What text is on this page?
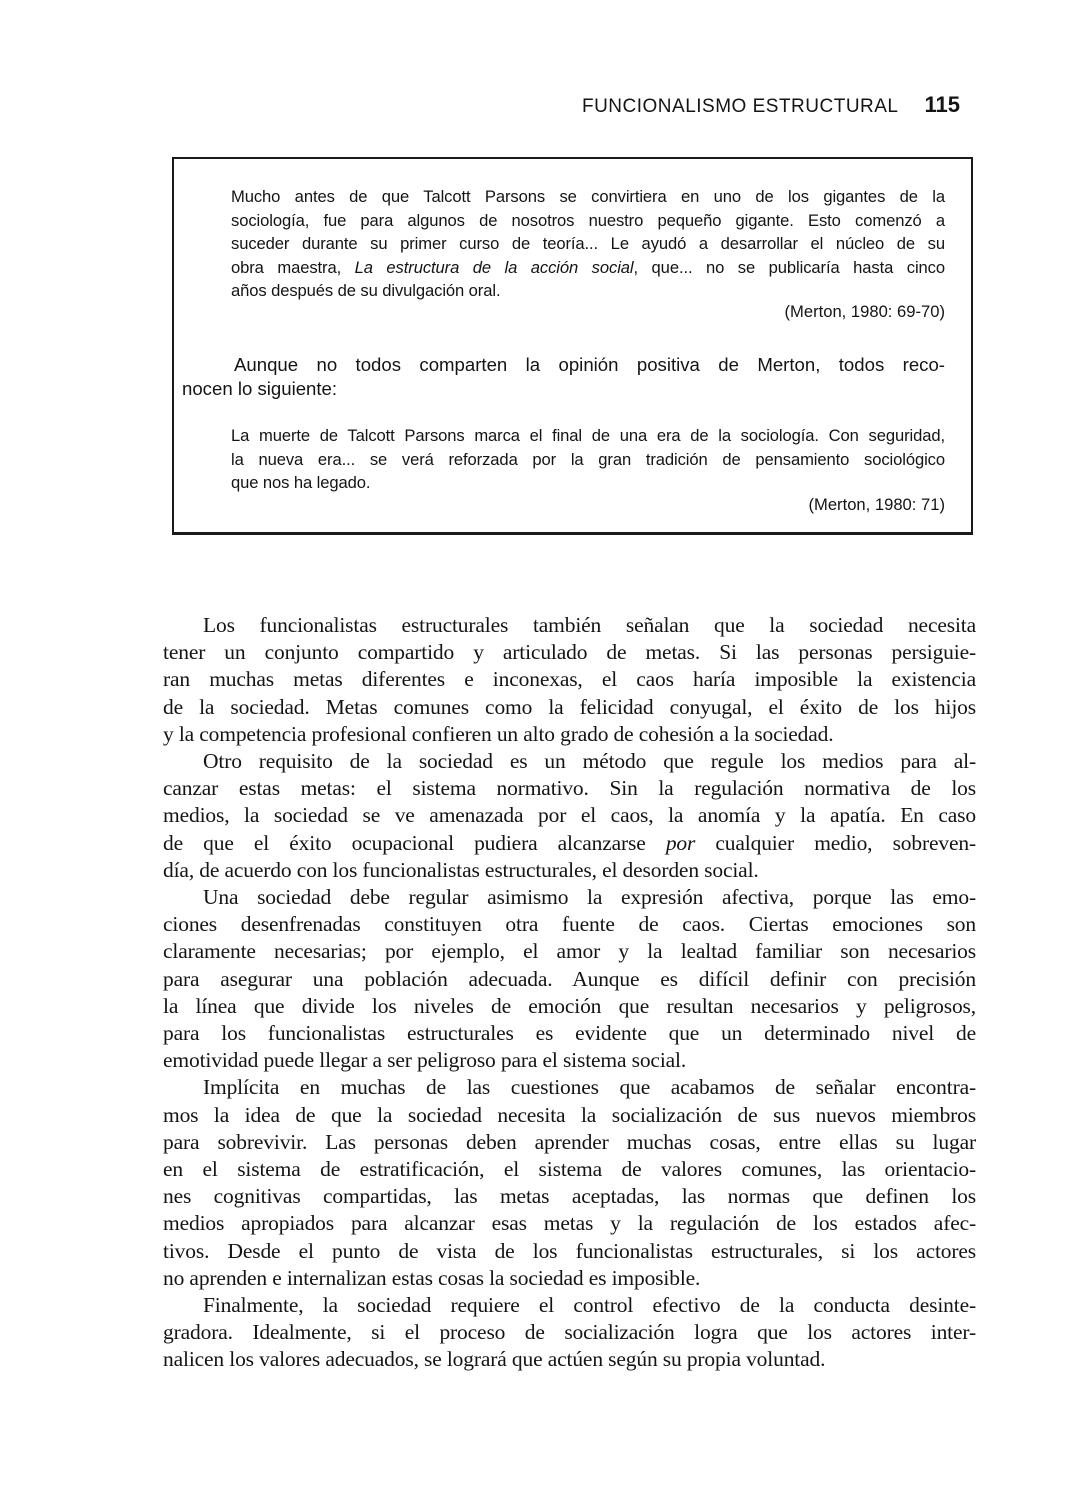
FUNCIONALISMO ESTRUCTURAL 115
Mucho antes de que Talcott Parsons se convirtiera en uno de los gigantes de la
sociología, fue para algunos de nosotros nuestro pequeño gigante. Esto comenzó a
suceder durante su primer curso de teoría... Le ayudó a desarrollar el núcleo de su
obra maestra, La estructura de la acción social, que... no se publicaría hasta cinco
años después de su divulgación oral.
(Merton, 1980: 69-70)
Aunque no todos comparten la opinión positiva de Merton, todos reco-
nocen lo siguiente:
La muerte de Talcott Parsons marca el final de una era de la sociología. Con seguridad,
la nueva era... se verá reforzada por la gran tradición de pensamiento sociológico
que nos ha legado.
(Merton, 1980: 71)
Los funcionalistas estructurales también señalan que la sociedad necesita
tener un conjunto compartido y articulado de metas. Si las personas persiguie-
ran muchas metas diferentes e inconexas, el caos haría imposible la existencia
de la sociedad. Metas comunes como la felicidad conyugal, el éxito de los hijos
y la competencia profesional confieren un alto grado de cohesión a la sociedad.
Otro requisito de la sociedad es un método que regule los medios para al-
canzar estas metas: el sistema normativo. Sin la regulación normativa de los
medios, la sociedad se ve amenazada por el caos, la anomía y la apatía. En caso
de que el éxito ocupacional pudiera alcanzarse por cualquier medio, sobreven-
día, de acuerdo con los funcionalistas estructurales, el desorden social.
Una sociedad debe regular asimismo la expresión afectiva, porque las emo-
ciones desenfrenadas constituyen otra fuente de caos. Ciertas emociones son
claramente necesarias; por ejemplo, el amor y la lealtad familiar son necesarios
para asegurar una población adecuada. Aunque es difícil definir con precisión
la línea que divide los niveles de emoción que resultan necesarios y peligrosos,
para los funcionalistas estructurales es evidente que un determinado nivel de
emotividad puede llegar a ser peligroso para el sistema social.
Implícita en muchas de las cuestiones que acabamos de señalar encontra-
mos la idea de que la sociedad necesita la socialización de sus nuevos miembros
para sobrevivir. Las personas deben aprender muchas cosas, entre ellas su lugar
en el sistema de estratificación, el sistema de valores comunes, las orientacio-
nes cognitivas compartidas, las metas aceptadas, las normas que definen los
medios apropiados para alcanzar esas metas y la regulación de los estados afec-
tivos. Desde el punto de vista de los funcionalistas estructurales, si los actores
no aprenden e internalizan estas cosas la sociedad es imposible.
Finalmente, la sociedad requiere el control efectivo de la conducta desinte-
gradora. Idealmente, si el proceso de socialización logra que los actores inter-
nalicen los valores adecuados, se logrará que actúen según su propia voluntad.
